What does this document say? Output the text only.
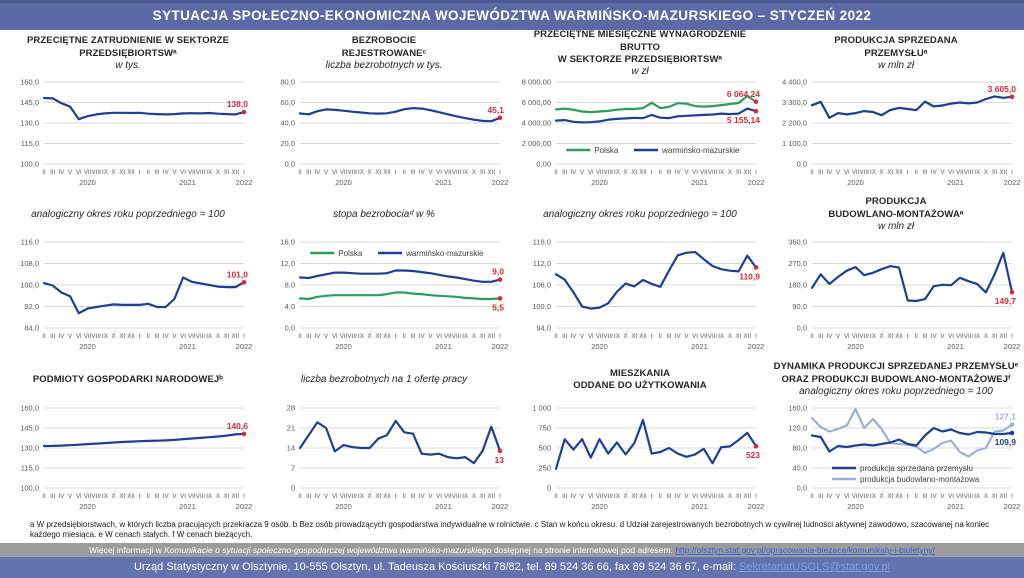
SYTUACJA SPOŁECZNO-EKONOMICZNA WOJEWÓDZTWA WARMIŃSKO-MAZURSKIEGO – STYCZEŃ 2022
PRZECIĘTNE ZATRUDNIENIE W SEKTORZE
PRZEDSIĘBIORTSWᵃ
w tys.
160,0
145,0
130,0
115,0
100,0
II III IV V VI VII VIII IX X XI XII I II III IV V VI VII VIII IX X XI XII I
2020	2021	2022
138,0
BEZROBOCIE
REJESTROWANEᶜ
liczba bezrobotnych w tys.
80,0
60,0
40,0
20,0
0,0
II III IV V VI VII VIII IX X XI XII I II III IV V VI VII VIII IX X XI XII I
2020	2021	2022
45,1
PRZECIĘTNE MIESIĘCZNE WYNAGRODZENIE BRUTTO
W SEKTORZE PRZEDSIĘBIORTSWᵃ
w zł
8 000,00
6 000,00
4 000,00
2 000,00
0,00
II III IV V VI VII VIII IX X XI XII I II III IV V VI VII VIII IX X XI XII I
2020	2021	2022
6 064,24
5 155,14
Polska	warmińsko-mazurskie
PRODUKCJA SPRZEDANA
PRZEMYSŁUᵃ
w mln zł
4 400,0
3 300,0
2 200,0
1 100,0
0,0
II III IV V VI VII VIII IX X XI XII I II III IV V VI VII VIII IX X XI XII I
2020	2021	2022
3 605,0
analogiczny okres roku poprzedniego = 100
116,0
108,0
100,0
92,0
84,0
II III IV V VI VII VIII IX X XI XII I II III IV V VI VII VIII IX X XI XII I
2020	2021	2022
101,0
stopa bezrobociaᵈ w %
16,0
12,0
8,0
4,0
0,0
II III IV V VI VII VIII IX X XI XII I II III IV V VI VII VIII IX X XI XII I
2020	2021	2022
9,0
5,5
Polska	warmińsko-mazurskie
analogiczny okres roku poprzedniego = 100
118,0
112,0
106,0
100,0
94,0
II III IV V VI VII VIII IX X XI XII I II III IV V VI VII VIII IX X XI XII I
2020	2021	2022
110,9
PRODUKCJA
BUDOWLANO-MONTAŻOWAᵃ
w mln zł
360,0
270,0
180,0
90,0
0,0
II III IV V VI VII VIII IX X XI XII I II III IV V VI VII VIII IX X XI XII I
2020	2021	2022
149,7
PODMIOTY GOSPODARKI NARODOWEJᵇ
160,0
145,0
130,0
115,0
100,0
II III IV V VI VII VIII IX X XI XII I II III IV V VI VII VIII IX X XI XII I
2020	2021	2022
140,6
liczba bezrobotnych na 1 ofertę pracy
28
21
14
7
0
II III IV V VI VII VIII IX X XI XII I II III IV V VI VII VIII IX X XI XII I
2020	2021	2022
13
MIESZKANIA
ODDANE DO UŻYTKOWANIA
1 000
750
500
250
0
II III IV V VI VII VIII IX X XI XII I II III IV V VI VII VIII IX X XI XII I
2020	2021	2022
523
DYNAMIKA PRODUKCJI SPRZEDANEJ PRZEMYSŁUᵉ
ORAZ PRODUKCJI BUDOWLANO-MONTAŻOWEJᶠ
analogiczny okres roku poprzedniego = 100
160,0
120,0
80,0
40,0
0,0
II III IV V VI VII VIII IX X XI XII I II III IV V VI VII VIII IX X XI XII I
2020	2021	2022
127,1
109,9
produkcja sprzedana przemysłu
produkcja budowlano-montażowa
a W przedsiębiorstwach, w których liczba pracujących przekracza 9 osób. b Bez osób prowadzących gospodarstwa indywidualne w rolnictwie. c Stan w końcu okresu. d Udział zarejestrowanych bezrobotnych w cywilnej ludności aktywnej zawodowo, szacowanej na koniec każdego miesiąca. e W cenach stałych. f W cenach bieżących.
Więcej informacji w Komunikacie o sytuacji społeczno-gospodarczej województwa warmińsko-mazurskiego dostępnej na stronie internetowej pod adresem: http://olsztyn.stat.gov.pl/opracowania-biezace/komunikaty-i-biuletyny/
Urząd Statystyczny w Olsztynie, 10-555 Olsztyn, ul. Tadeusza Kościuszki 78/82, tel. 89 524 36 66, fax 89 524 36 67, e-mail: SekretariatUSOLS@stat.gov.pl
